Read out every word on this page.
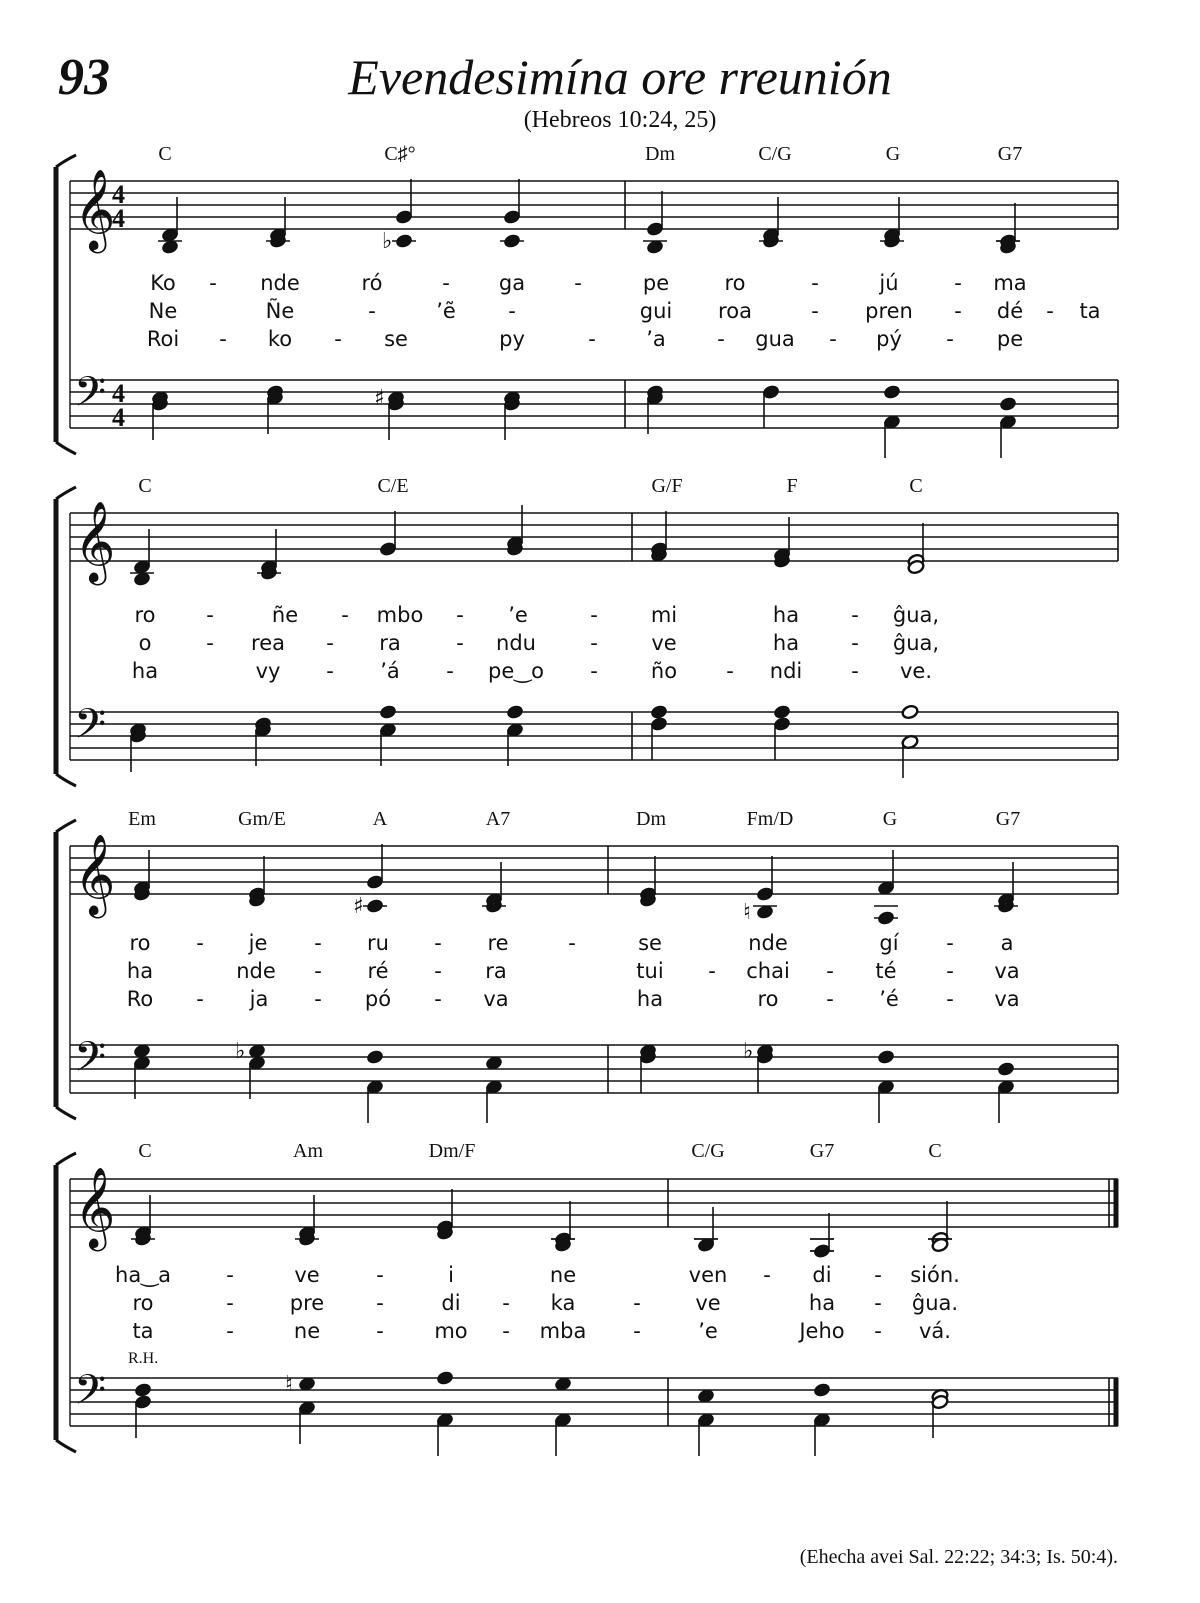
93	Evendesimína ore rreunión
(Hebreos 10:24, 25)
𝄞	♭
𝄢	♯
4
4
4
4
𝄞
𝄢
𝄞	♯	♮
𝄢	♭	♭
𝄞
𝄢	♮
C	C♯°	Dm	C/G	G	G7
Ko - nde	ró	- ga -	pe	ro	-	jú	- ma
Ne	Ñe	-	’ẽ -	gui roa	- pren - dé - ta
Roi - ko - se	py	- ’a - gua - pý - pe
C	C/E	G/F	F	C
ro -	ñe - mbo - ’e	-	mi	ha - ĝua,
o	- rea - ra	- ndu	-	ve	ha - ĝua,
ha	vy - ’á - pe‿o -	ño - ndi - ve.
Em	Gm/E	A	A7	Dm	Fm/D	G	G7
ro - je - ru - re	-	se	nde	gí - a
ha	nde - ré - ra	tui - chai - té - va
Ro - ja - pó - va	ha	ro - ’é - va
C	Am	Dm/F	C/G	G7	C
ha‿a	-	ve	-	i	ne	ven - di - sión.
ro	-	pre -	di - ka	-	ve	ha - ĝua.
ta	-	ne	- mo - mba -	’e	Jeho - vá.
R.H.
(Ehecha avei Sal. 22:22; 34:3; Is. 50:4).
